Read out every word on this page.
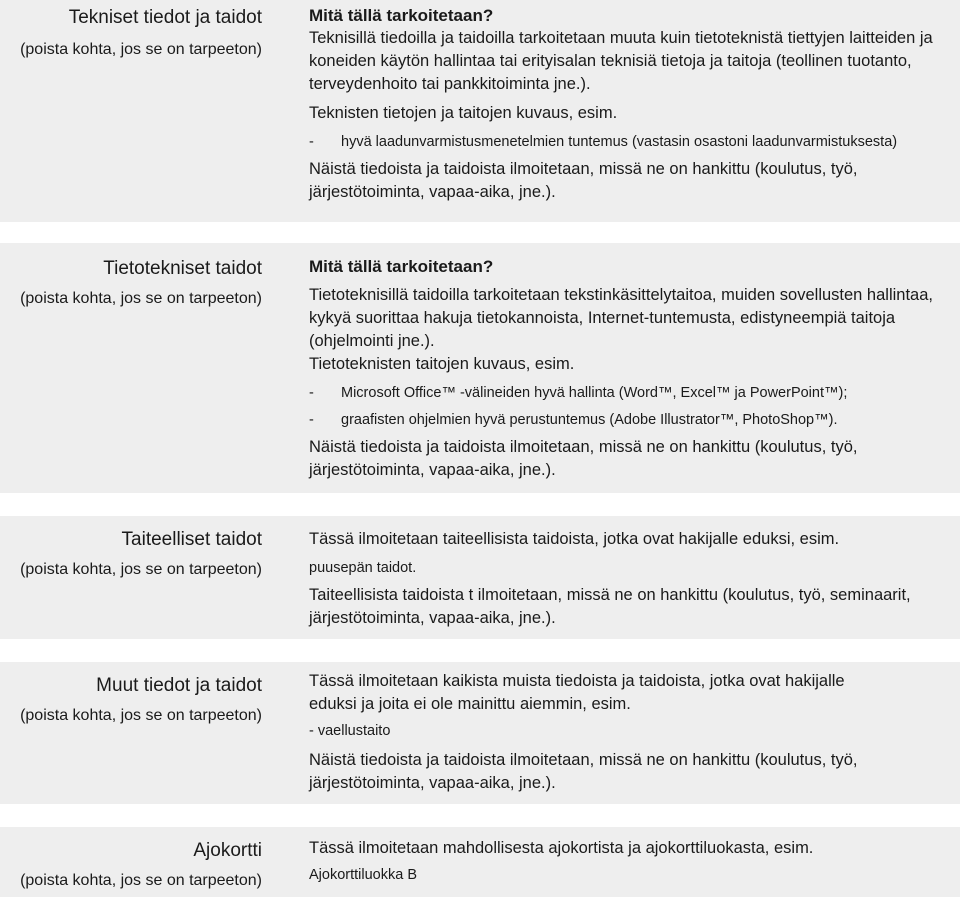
Tekniset tiedot ja taidot
(poista kohta, jos se on tarpeeton)

Mitä tällä tarkoitetaan?

Teknisillä tiedoilla ja taidoilla tarkoitetaan muuta kuin tietoteknistä tiettyjen laitteiden ja koneiden käytön hallintaa tai erityisalan teknisiä tietoja ja taitoja (teollinen tuotanto, terveydenhoito tai pankkitoiminta jne.).

Teknisten tietojen ja taitojen kuvaus, esim.

- hyvä laadunvarmistusmenetelmien tuntemus (vastasin osastoni laadunvarmistuksesta)

Näistä tiedoista ja taidoista ilmoitetaan, missä ne on hankittu (koulutus, työ, järjestötoiminta, vapaa-aika, jne.).

Tietotekniset taidot
(poista kohta, jos se on tarpeeton)

Mitä tällä tarkoitetaan?

Tietoteknisillä taidoilla tarkoitetaan tekstinkäsittelytaitoa, muiden sovellusten hallintaa, kykyä suorittaa hakuja tietokannoista, Internet-tuntemusta, edistyneempiä taitoja (ohjelmointi jne.).

Tietoteknisten taitojen kuvaus, esim.

- Microsoft Office™ -välineiden hyvä hallinta (Word™, Excel™ ja PowerPoint™);

- graafisten ohjelmien hyvä perustuntemus (Adobe Illustrator™, PhotoShop™).

Näistä tiedoista ja taidoista ilmoitetaan, missä ne on hankittu (koulutus, työ, järjestötoiminta, vapaa-aika, jne.).

Taiteelliset taidot
(poista kohta, jos se on tarpeeton)

Tässä ilmoitetaan taiteellisista taidoista, jotka ovat hakijalle eduksi, esim.

puusepän taidot.

Taiteellisista taidoista t ilmoitetaan, missä ne on hankittu (koulutus, työ, seminaarit, järjestötoiminta, vapaa-aika, jne.).

Muut tiedot ja taidot
(poista kohta, jos se on tarpeeton)

Tässä ilmoitetaan kaikista muista tiedoista ja taidoista, jotka ovat hakijalle eduksi ja joita ei ole mainittu aiemmin, esim.

- vaellustaito

Näistä tiedoista ja taidoista ilmoitetaan, missä ne on hankittu (koulutus, työ, järjestötoiminta, vapaa-aika, jne.).

Ajokortti
(poista kohta, jos se on tarpeeton)

Tässä ilmoitetaan mahdollisesta ajokortista ja ajokorttiluokasta, esim.

Ajokorttiluokka B
